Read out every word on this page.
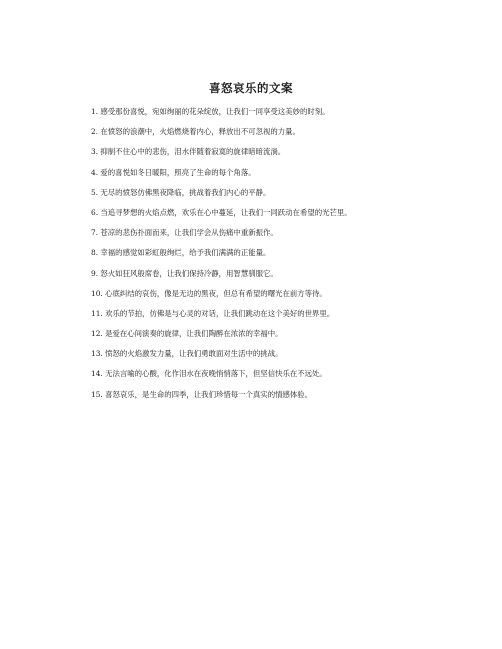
喜怒哀乐的文案
1. 感受那份喜悦，宛如绚丽的花朵绽放，让我们一同享受这美妙的时刻。
2. 在愤怒的浪潮中，火焰燃烧着内心，释放出不可忽视的力量。
3. 抑制不住心中的悲伤，泪水伴随着寂寞的旋律暗暗流淌。
4. 爱的喜悦如冬日暖阳，照亮了生命的每个角落。
5. 无尽的愤怒仿佛黑夜降临，挑战着我们内心的平静。
6. 当追寻梦想的火焰点燃，欢乐在心中蔓延，让我们一同跃动在希望的光芒里。
7. 苍凉的悲伤扑面而来，让我们学会从伤痛中重新振作。
8. 幸福的感觉如彩虹般绚烂，给予我们满满的正能量。
9. 怒火如狂风般席卷，让我们保持冷静，用智慧驯服它。
10. 心底纠结的哀伤，像是无边的黑夜，但总有希望的曙光在前方等待。
11. 欢乐的节拍，仿佛是与心灵的对话，让我们跳动在这个美好的世界里。
12. 是爱在心间演奏的旋律，让我们陶醉在浓浓的幸福中。
13. 愤怒的火焰激发力量，让我们勇敢面对生活中的挑战。
14. 无法言喻的心酸，化作泪水在夜晚悄悄落下，但坚信快乐在不远处。
15. 喜怒哀乐，是生命的四季，让我们珍惜每一个真实的情感体验。
